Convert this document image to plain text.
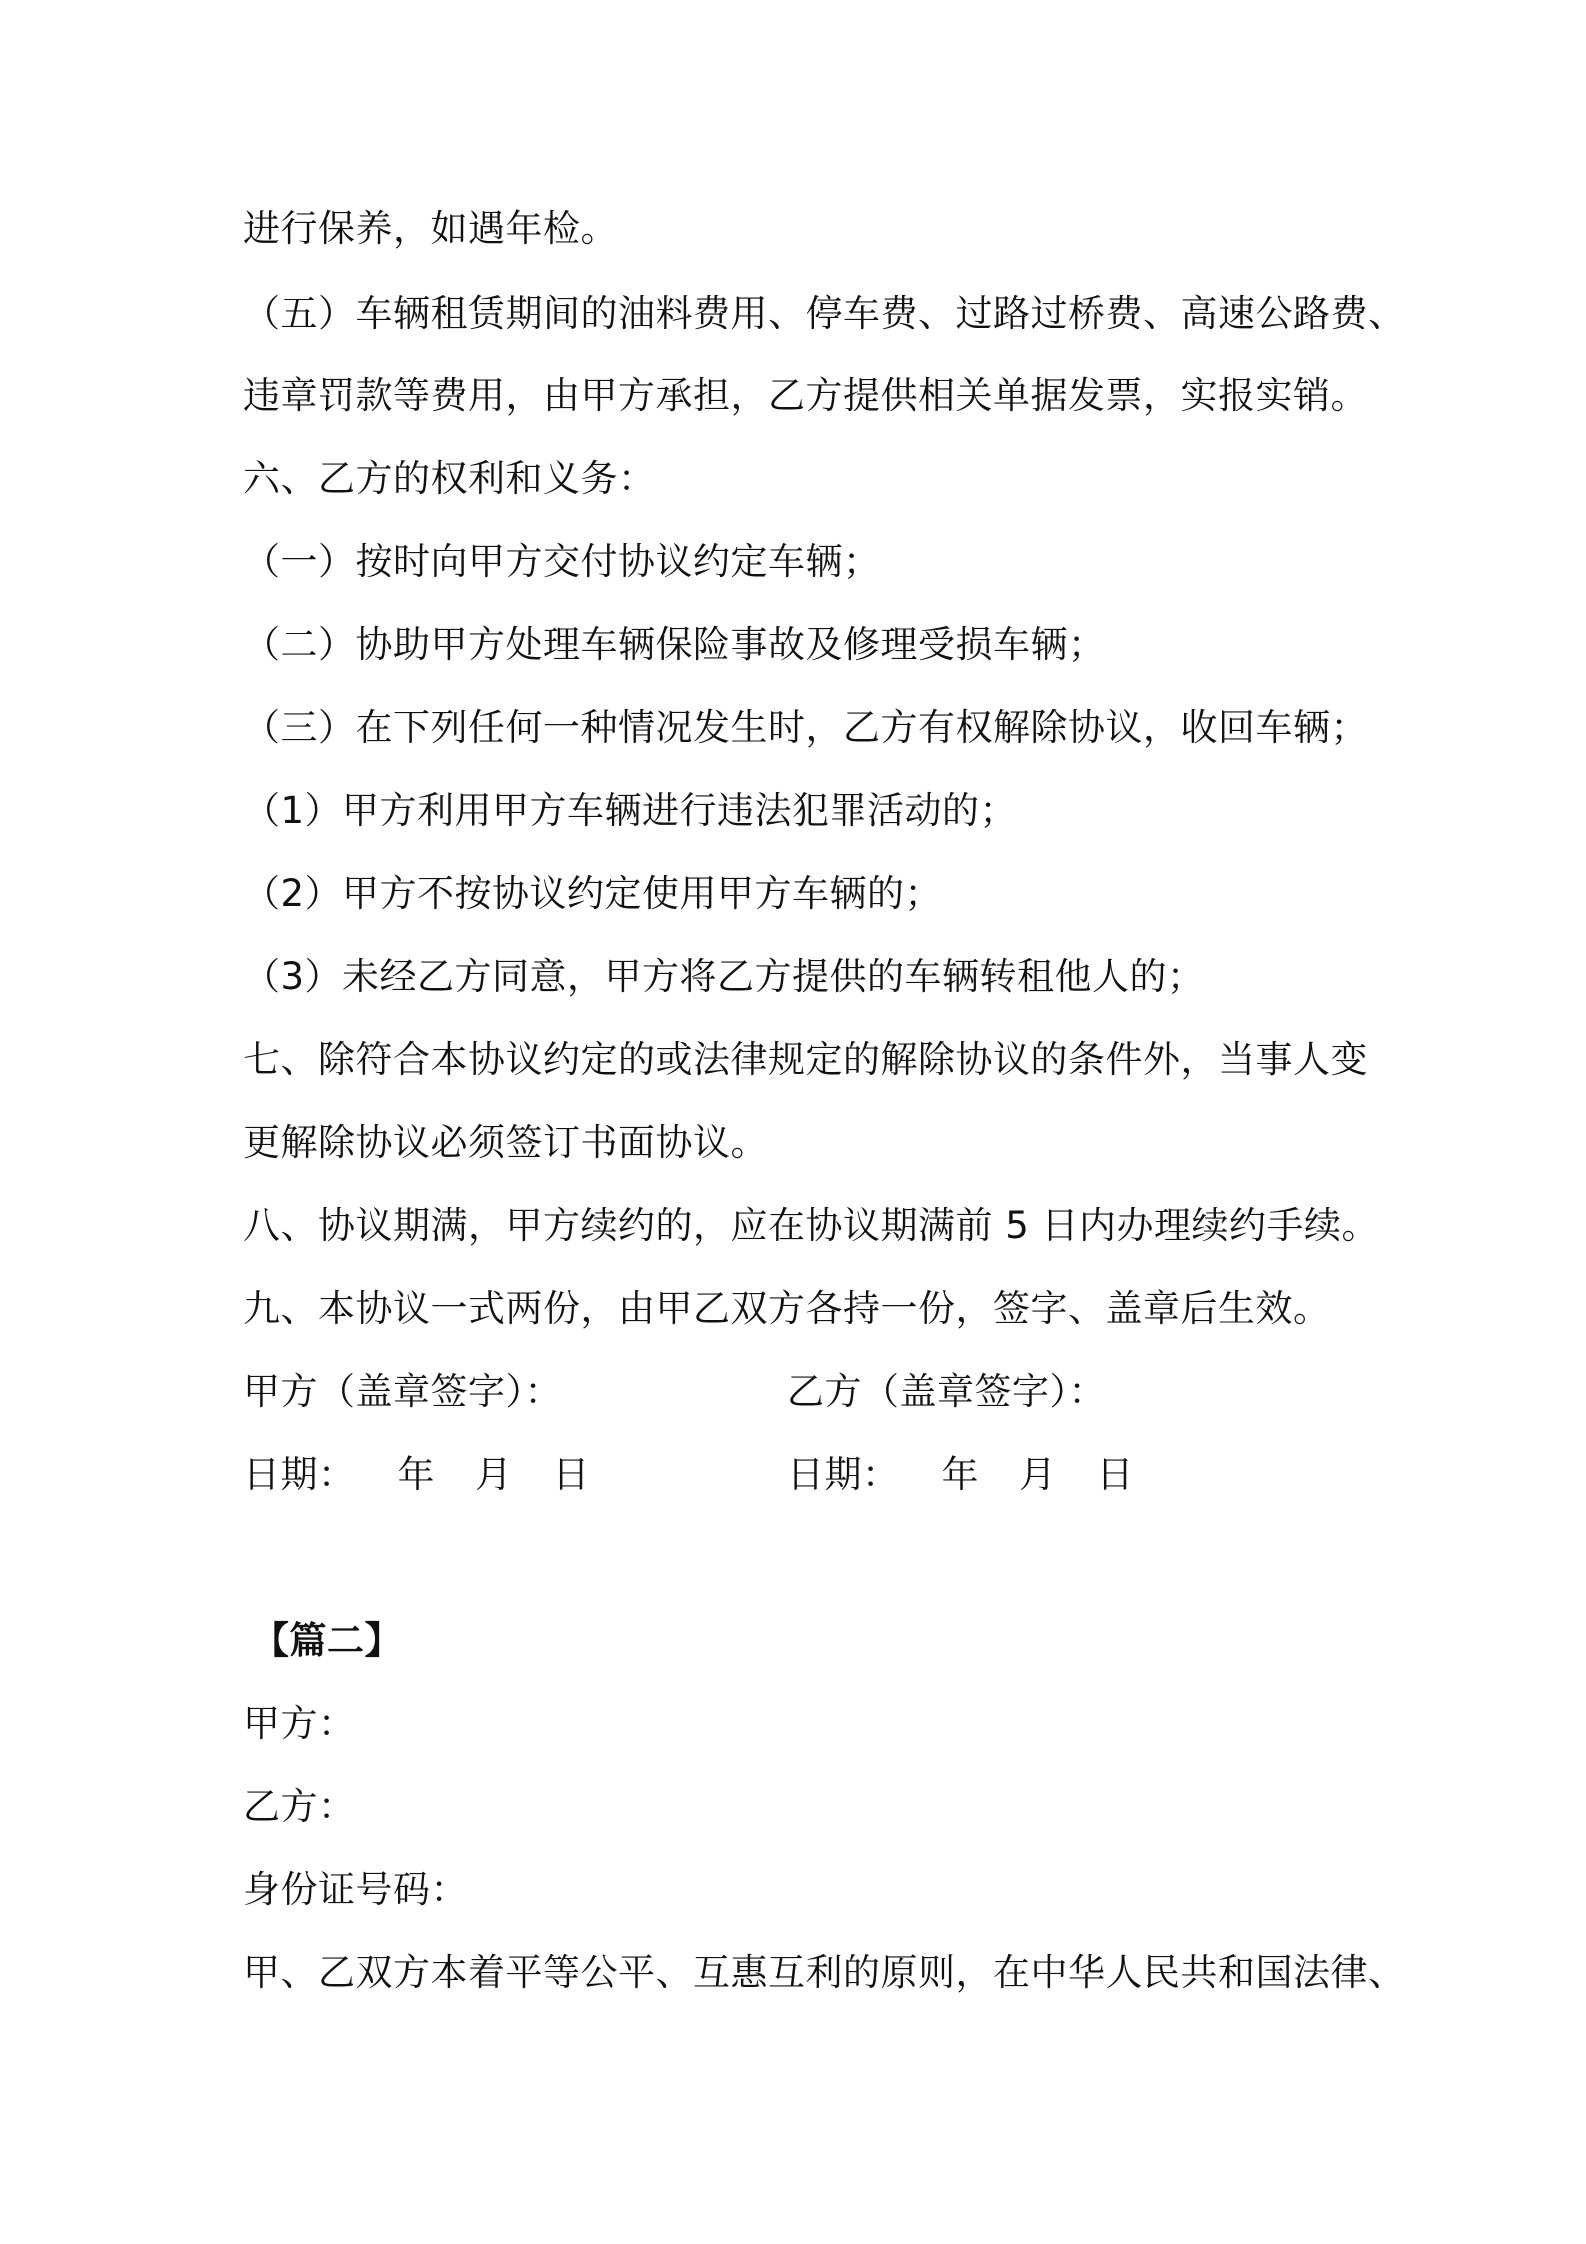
进行保养，如遇年检。
（五）车辆租赁期间的油料费用、停车费、过路过桥费、高速公路费、
违章罚款等费用，由甲方承担，乙方提供相关单据发票，实报实销。
六、乙方的权利和义务：
（一）按时向甲方交付协议约定车辆；
（二）协助甲方处理车辆保险事故及修理受损车辆；
（三）在下列任何一种情况发生时，乙方有权解除协议，收回车辆；
（1）甲方利用甲方车辆进行违法犯罪活动的；
（2）甲方不按协议约定使用甲方车辆的；
（3）未经乙方同意，甲方将乙方提供的车辆转租他人的；
七、除符合本协议约定的或法律规定的解除协议的条件外，当事人变
更解除协议必须签订书面协议。
八、协议期满，甲方续约的，应在协议期满前 5 日内办理续约手续。
九、本协议一式两份，由甲乙双方各持一份，签字、盖章后生效。
甲方（盖章签字）：	乙方（盖章签字）：
日期： 年 月 日	日期： 年 月 日
【篇二】
甲方：
乙方：
身份证号码：
甲、乙双方本着平等公平、互惠互利的原则，在中华人民共和国法律、
